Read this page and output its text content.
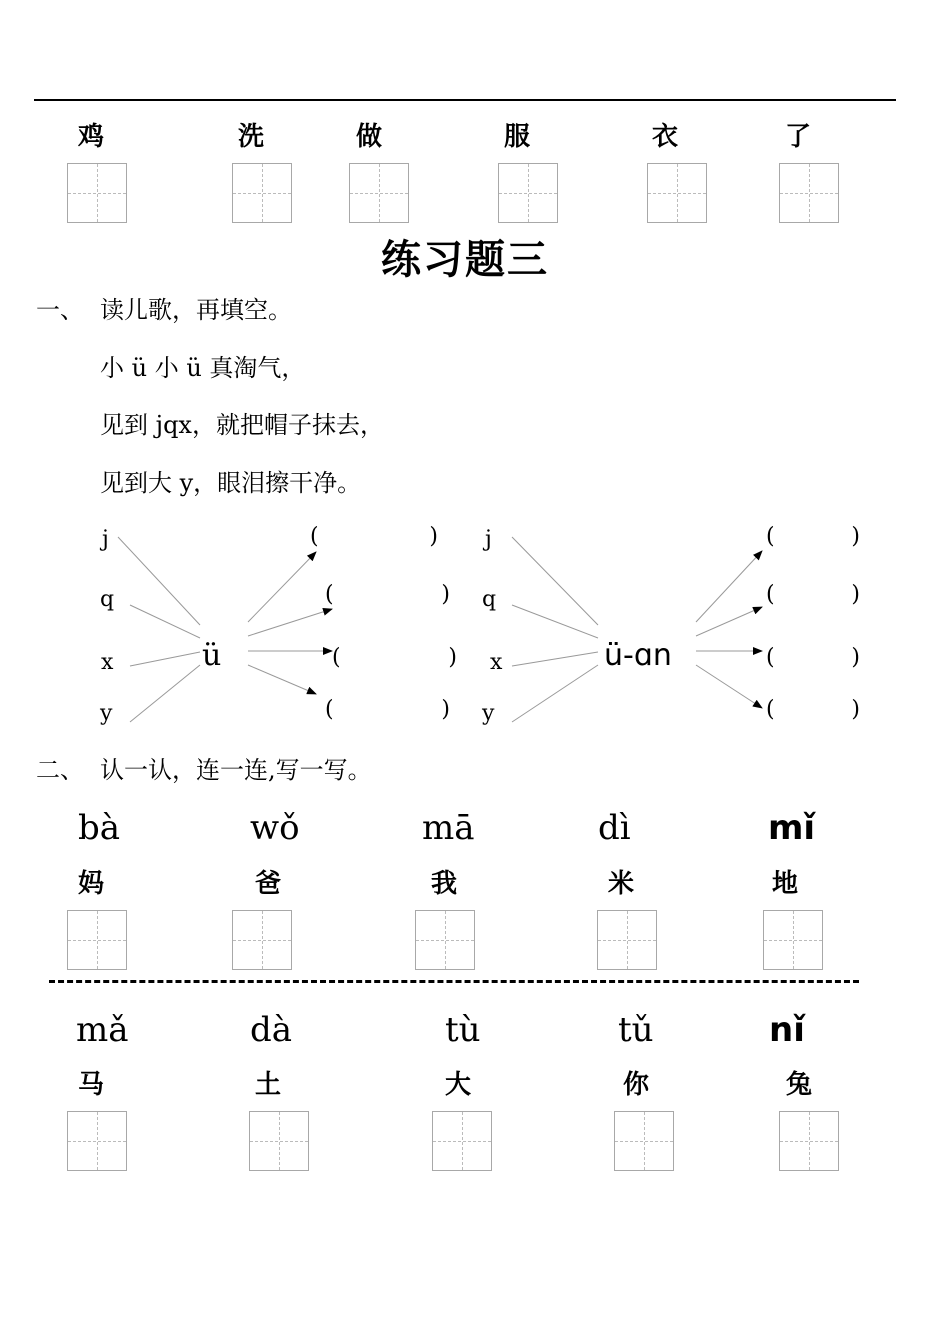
鸡	洗	做	服	衣	了
练习题三
一、 读儿歌，再填空。
小 ü 小 ü 真淘气，
见到 jqx，就把帽子抹去，
见到大 y，眼泪擦干净。
j
q
x
y
ü
(	)
(	)
(	)
(	)
j
q
x
y
ü-ɑn
(	)
(	)
(	)
(	)
二、 认一认，连一连,写一写。
bà	wǒ	mā	dì	mǐ
妈	爸	我	米	地
mǎ	dà	tù	tǔ	nǐ
马	土	大	你	兔
